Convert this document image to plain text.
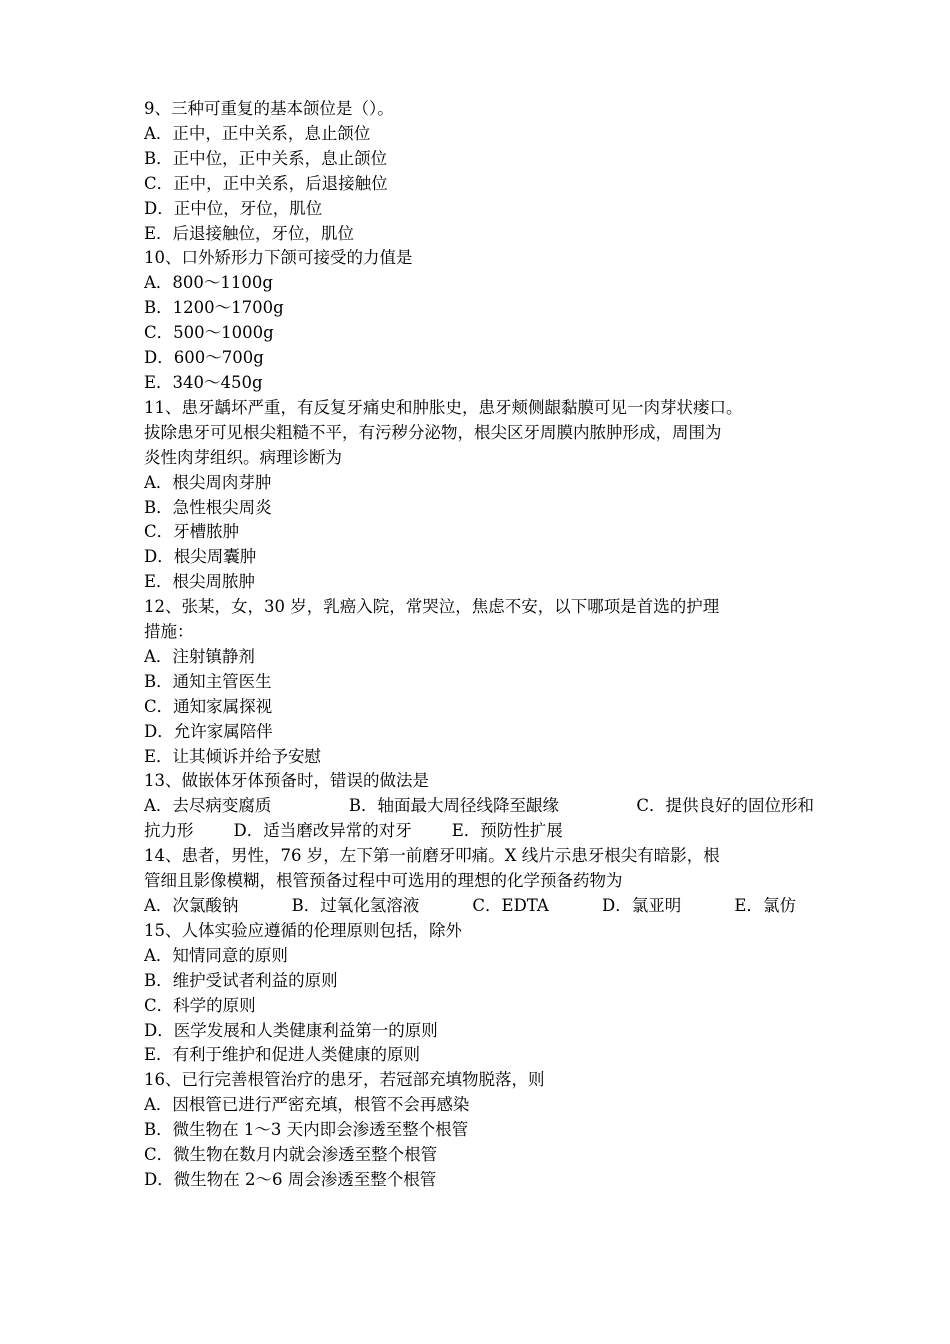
9、三种可重复的基本颌位是（）。
A．正中，正中关系，息止颌位
B．正中位，正中关系，息止颌位
C．正中，正中关系，后退接触位
D．正中位，牙位，肌位
E．后退接触位，牙位，肌位
10、口外矫形力下颌可接受的力值是
A．800～1100g
B．1200～1700g
C．500～1000g
D．600～700g
E．340～450g
11、患牙龋坏严重，有反复牙痛史和肿胀史，患牙颊侧龈黏膜可见一肉芽状瘘口。
拔除患牙可见根尖粗糙不平，有污秽分泌物，根尖区牙周膜内脓肿形成，周围为
炎性肉芽组织。病理诊断为
A．根尖周肉芽肿
B．急性根尖周炎
C．牙槽脓肿
D．根尖周囊肿
E．根尖周脓肿
12、张某，女，30 岁，乳癌入院，常哭泣，焦虑不安，以下哪项是首选的护理
措施：
A．注射镇静剂
B．通知主管医生
C．通知家属探视
D．允许家属陪伴
E．让其倾诉并给予安慰
13、做嵌体牙体预备时，错误的做法是
A．去尽病变腐质	B．轴面最大周径线降至龈缘	C．提供良好的固位形和
抗力形 D．适当磨改异常的对牙 E．预防性扩展
14、患者，男性，76 岁，左下第一前磨牙叩痛。X 线片示患牙根尖有暗影，根
管细且影像模糊，根管预备过程中可选用的理想的化学预备药物为
A．次氯酸钠	B．过氧化氢溶液	C．EDTA	D．氯亚明	E．氯仿
15、人体实验应遵循的伦理原则包括，除外
A．知情同意的原则
B．维护受试者利益的原则
C．科学的原则
D．医学发展和人类健康利益第一的原则
E．有利于维护和促进人类健康的原则
16、已行完善根管治疗的患牙，若冠部充填物脱落，则
A．因根管已进行严密充填，根管不会再感染
B．微生物在 1～3 天内即会渗透至整个根管
C．微生物在数月内就会渗透至整个根管
D．微生物在 2～6 周会渗透至整个根管
